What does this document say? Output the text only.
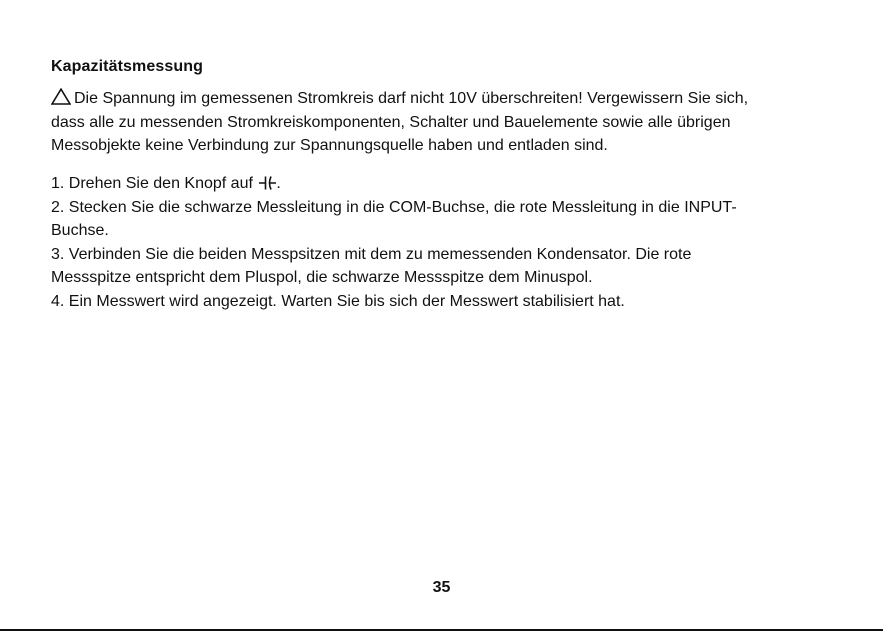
Kapazitätsmessung
Die Spannung im gemessenen Stromkreis darf nicht 10V überschreiten! Vergewissern Sie sich,
dass alle zu messenden Stromkreiskomponenten, Schalter und Bauelemente sowie alle übrigen
Messobjekte keine Verbindung zur Spannungsquelle haben und entladen sind.
1. Drehen Sie den Knopf auf .
2. Stecken Sie die schwarze Messleitung in die COM-Buchse, die rote Messleitung in die INPUT-
Buchse.
3. Verbinden Sie die beiden Messpsitzen mit dem zu memessenden Kondensator. Die rote
Messspitze entspricht dem Pluspol, die schwarze Messspitze dem Minuspol.
4. Ein Messwert wird angezeigt. Warten Sie bis sich der Messwert stabilisiert hat.
35
